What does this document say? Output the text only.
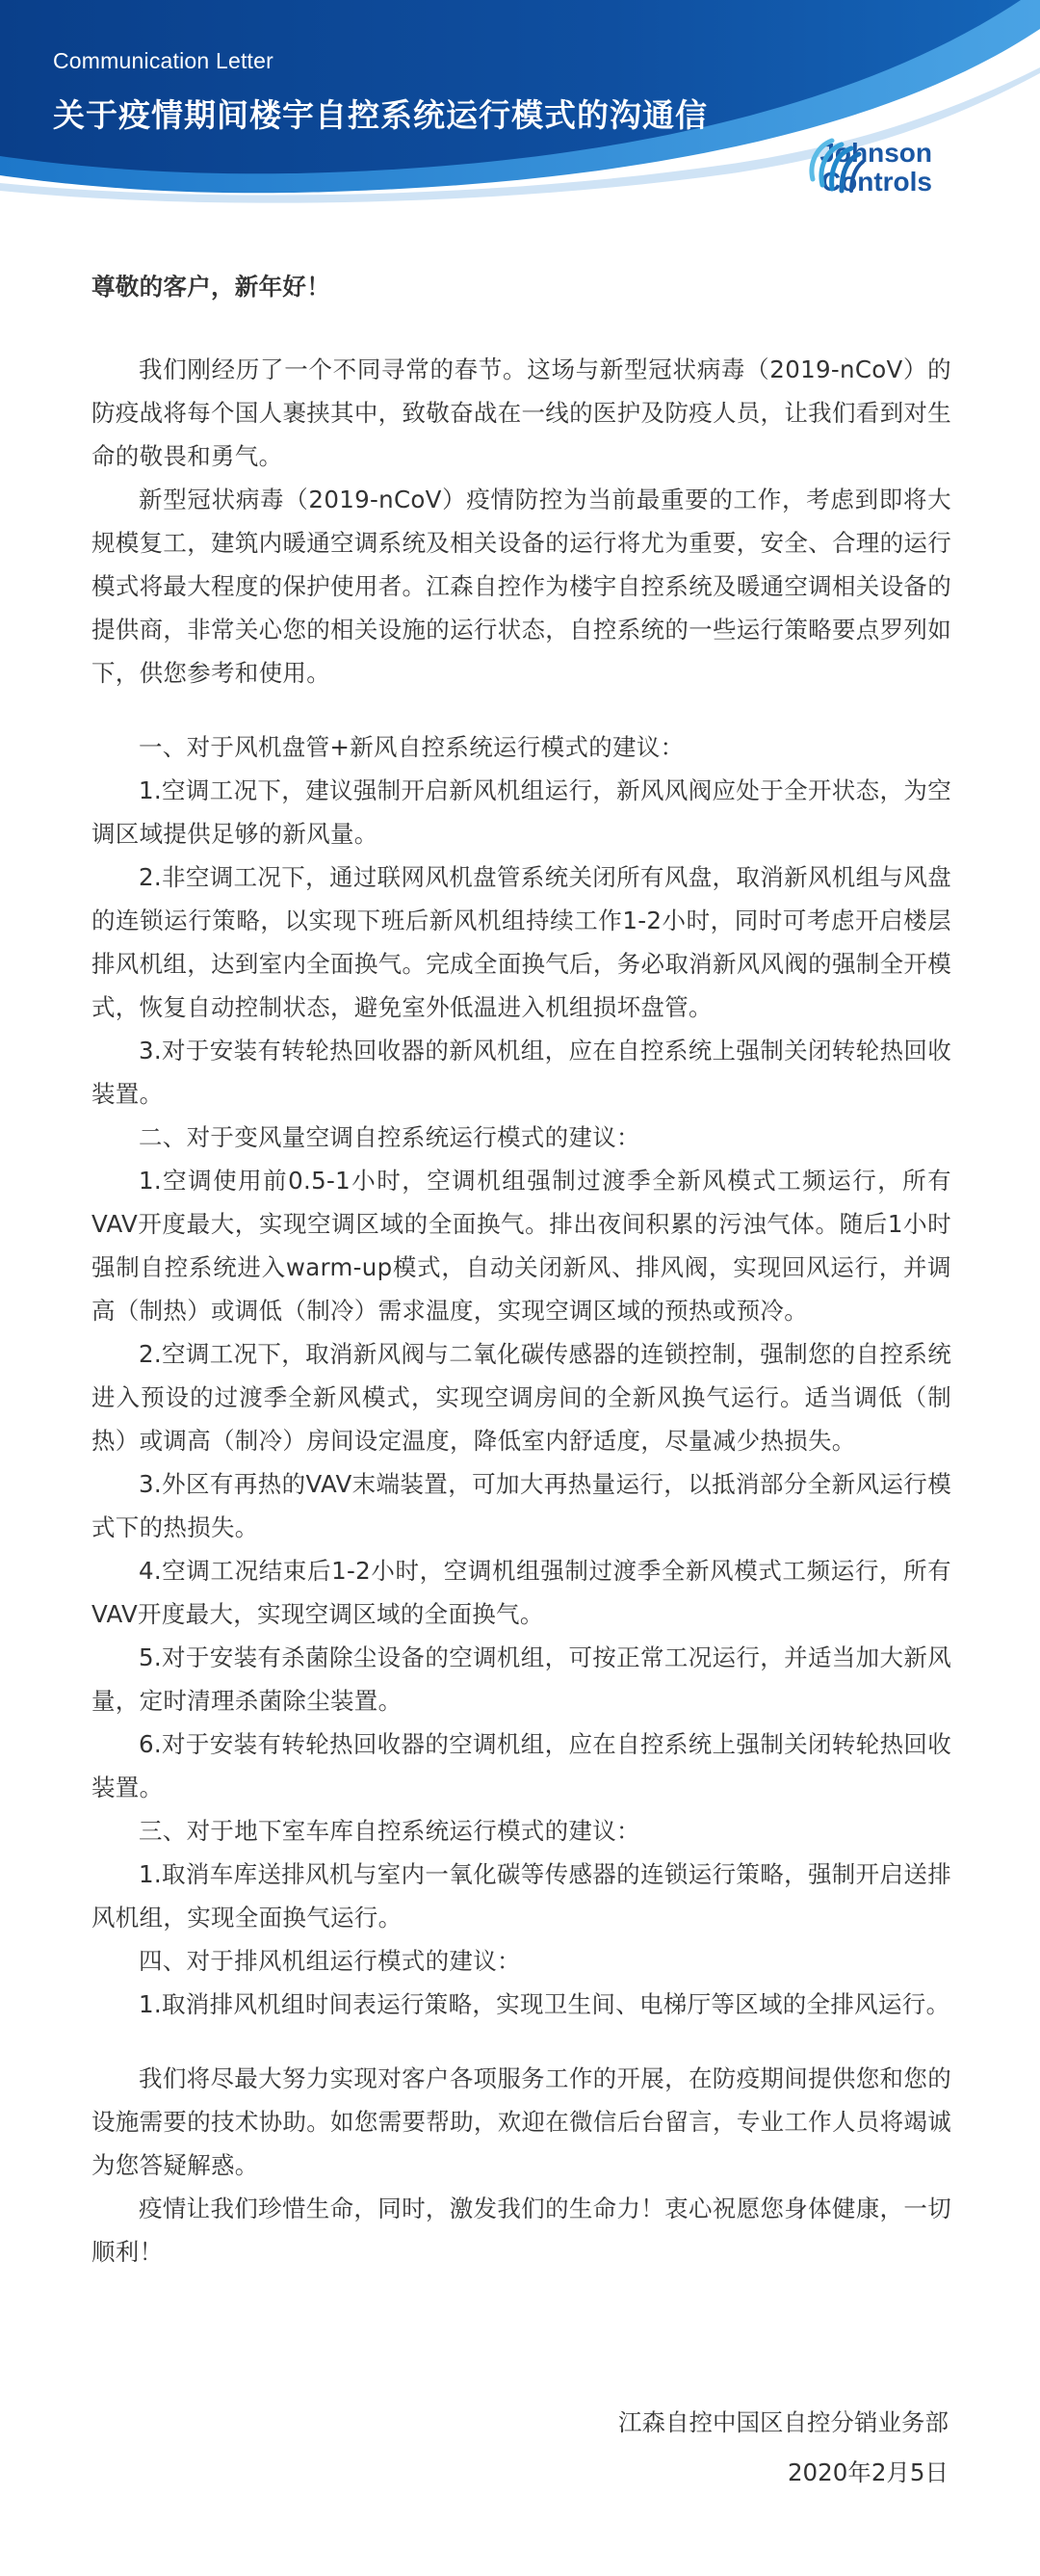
Communication Letter
关于疫情期间楼宇自控系统运行模式的沟通信
Johnson
Controls

尊敬的客户，新年好！

我们刚经历了一个不同寻常的春节。这场与新型冠状病毒（2019-nCoV）的防疫战将每个国人裹挟其中，致敬奋战在一线的医护及防疫人员，让我们看到对生命的敬畏和勇气。

新型冠状病毒（2019-nCoV）疫情防控为当前最重要的工作，考虑到即将大规模复工，建筑内暖通空调系统及相关设备的运行将尤为重要，安全、合理的运行模式将最大程度的保护使用者。江森自控作为楼宇自控系统及暖通空调相关设备的提供商，非常关心您的相关设施的运行状态，自控系统的一些运行策略要点罗列如下，供您参考和使用。

一、对于风机盘管+新风自控系统运行模式的建议：

1.空调工况下，建议强制开启新风机组运行，新风风阀应处于全开状态，为空调区域提供足够的新风量。

2.非空调工况下，通过联网风机盘管系统关闭所有风盘，取消新风机组与风盘的连锁运行策略，以实现下班后新风机组持续工作1-2小时，同时可考虑开启楼层排风机组，达到室内全面换气。完成全面换气后，务必取消新风风阀的强制全开模式，恢复自动控制状态，避免室外低温进入机组损坏盘管。

3.对于安装有转轮热回收器的新风机组，应在自控系统上强制关闭转轮热回收装置。

二、对于变风量空调自控系统运行模式的建议：

1.空调使用前0.5-1小时，空调机组强制过渡季全新风模式工频运行，所有VAV开度最大，实现空调区域的全面换气。排出夜间积累的污浊气体。随后1小时强制自控系统进入warm-up模式，自动关闭新风、排风阀，实现回风运行，并调高（制热）或调低（制冷）需求温度，实现空调区域的预热或预冷。

2.空调工况下，取消新风阀与二氧化碳传感器的连锁控制，强制您的自控系统进入预设的过渡季全新风模式，实现空调房间的全新风换气运行。适当调低（制热）或调高（制冷）房间设定温度，降低室内舒适度，尽量减少热损失。

3.外区有再热的VAV末端装置，可加大再热量运行，以抵消部分全新风运行模式下的热损失。

4.空调工况结束后1-2小时，空调机组强制过渡季全新风模式工频运行，所有VAV开度最大，实现空调区域的全面换气。

5.对于安装有杀菌除尘设备的空调机组，可按正常工况运行，并适当加大新风量，定时清理杀菌除尘装置。

6.对于安装有转轮热回收器的空调机组，应在自控系统上强制关闭转轮热回收装置。

三、对于地下室车库自控系统运行模式的建议：

1.取消车库送排风机与室内一氧化碳等传感器的连锁运行策略，强制开启送排风机组，实现全面换气运行。

四、对于排风机组运行模式的建议：

1.取消排风机组时间表运行策略，实现卫生间、电梯厅等区域的全排风运行。

我们将尽最大努力实现对客户各项服务工作的开展，在防疫期间提供您和您的设施需要的技术协助。如您需要帮助，欢迎在微信后台留言，专业工作人员将竭诚为您答疑解惑。

疫情让我们珍惜生命，同时，激发我们的生命力！衷心祝愿您身体健康，一切顺利！

江森自控中国区自控分销业务部
2020年2月5日
